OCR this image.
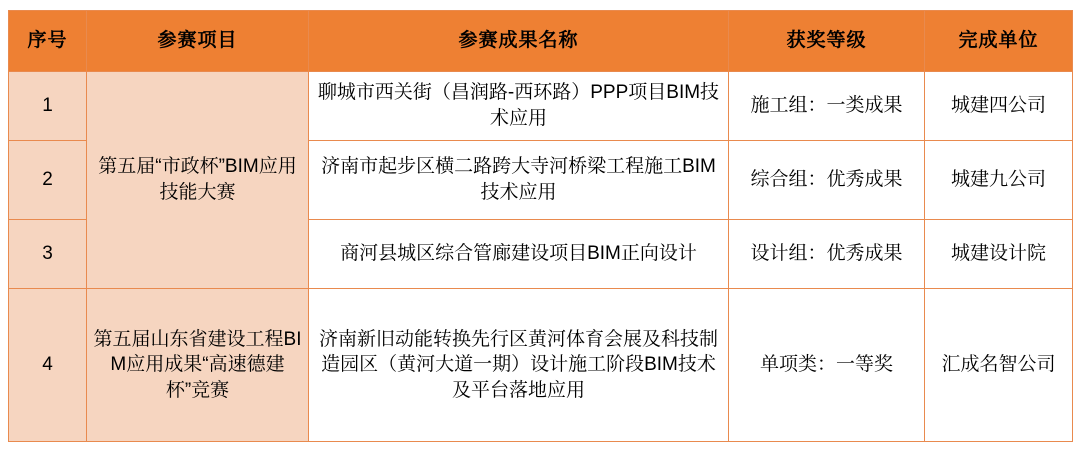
序号	参赛项目	参赛成果名称	获奖等级	完成单位
1	第五届“市政杯”BIM应用技能大赛	聊城市西关街（昌润路-西环路）PPP项目BIM技术应用	施工组：一类成果	城建四公司
2		济南市起步区横二路跨大寺河桥梁工程施工BIM技术应用	综合组：优秀成果	城建九公司
3		商河县城区综合管廊建设项目BIM正向设计	设计组：优秀成果	城建设计院
4	第五届山东省建设工程BIM应用成果“高速德建杯”竞赛	济南新旧动能转换先行区黄河体育会展及科技制造园区（黄河大道一期）设计施工阶段BIM技术及平台落地应用	单项类：一等奖	汇成名智公司
